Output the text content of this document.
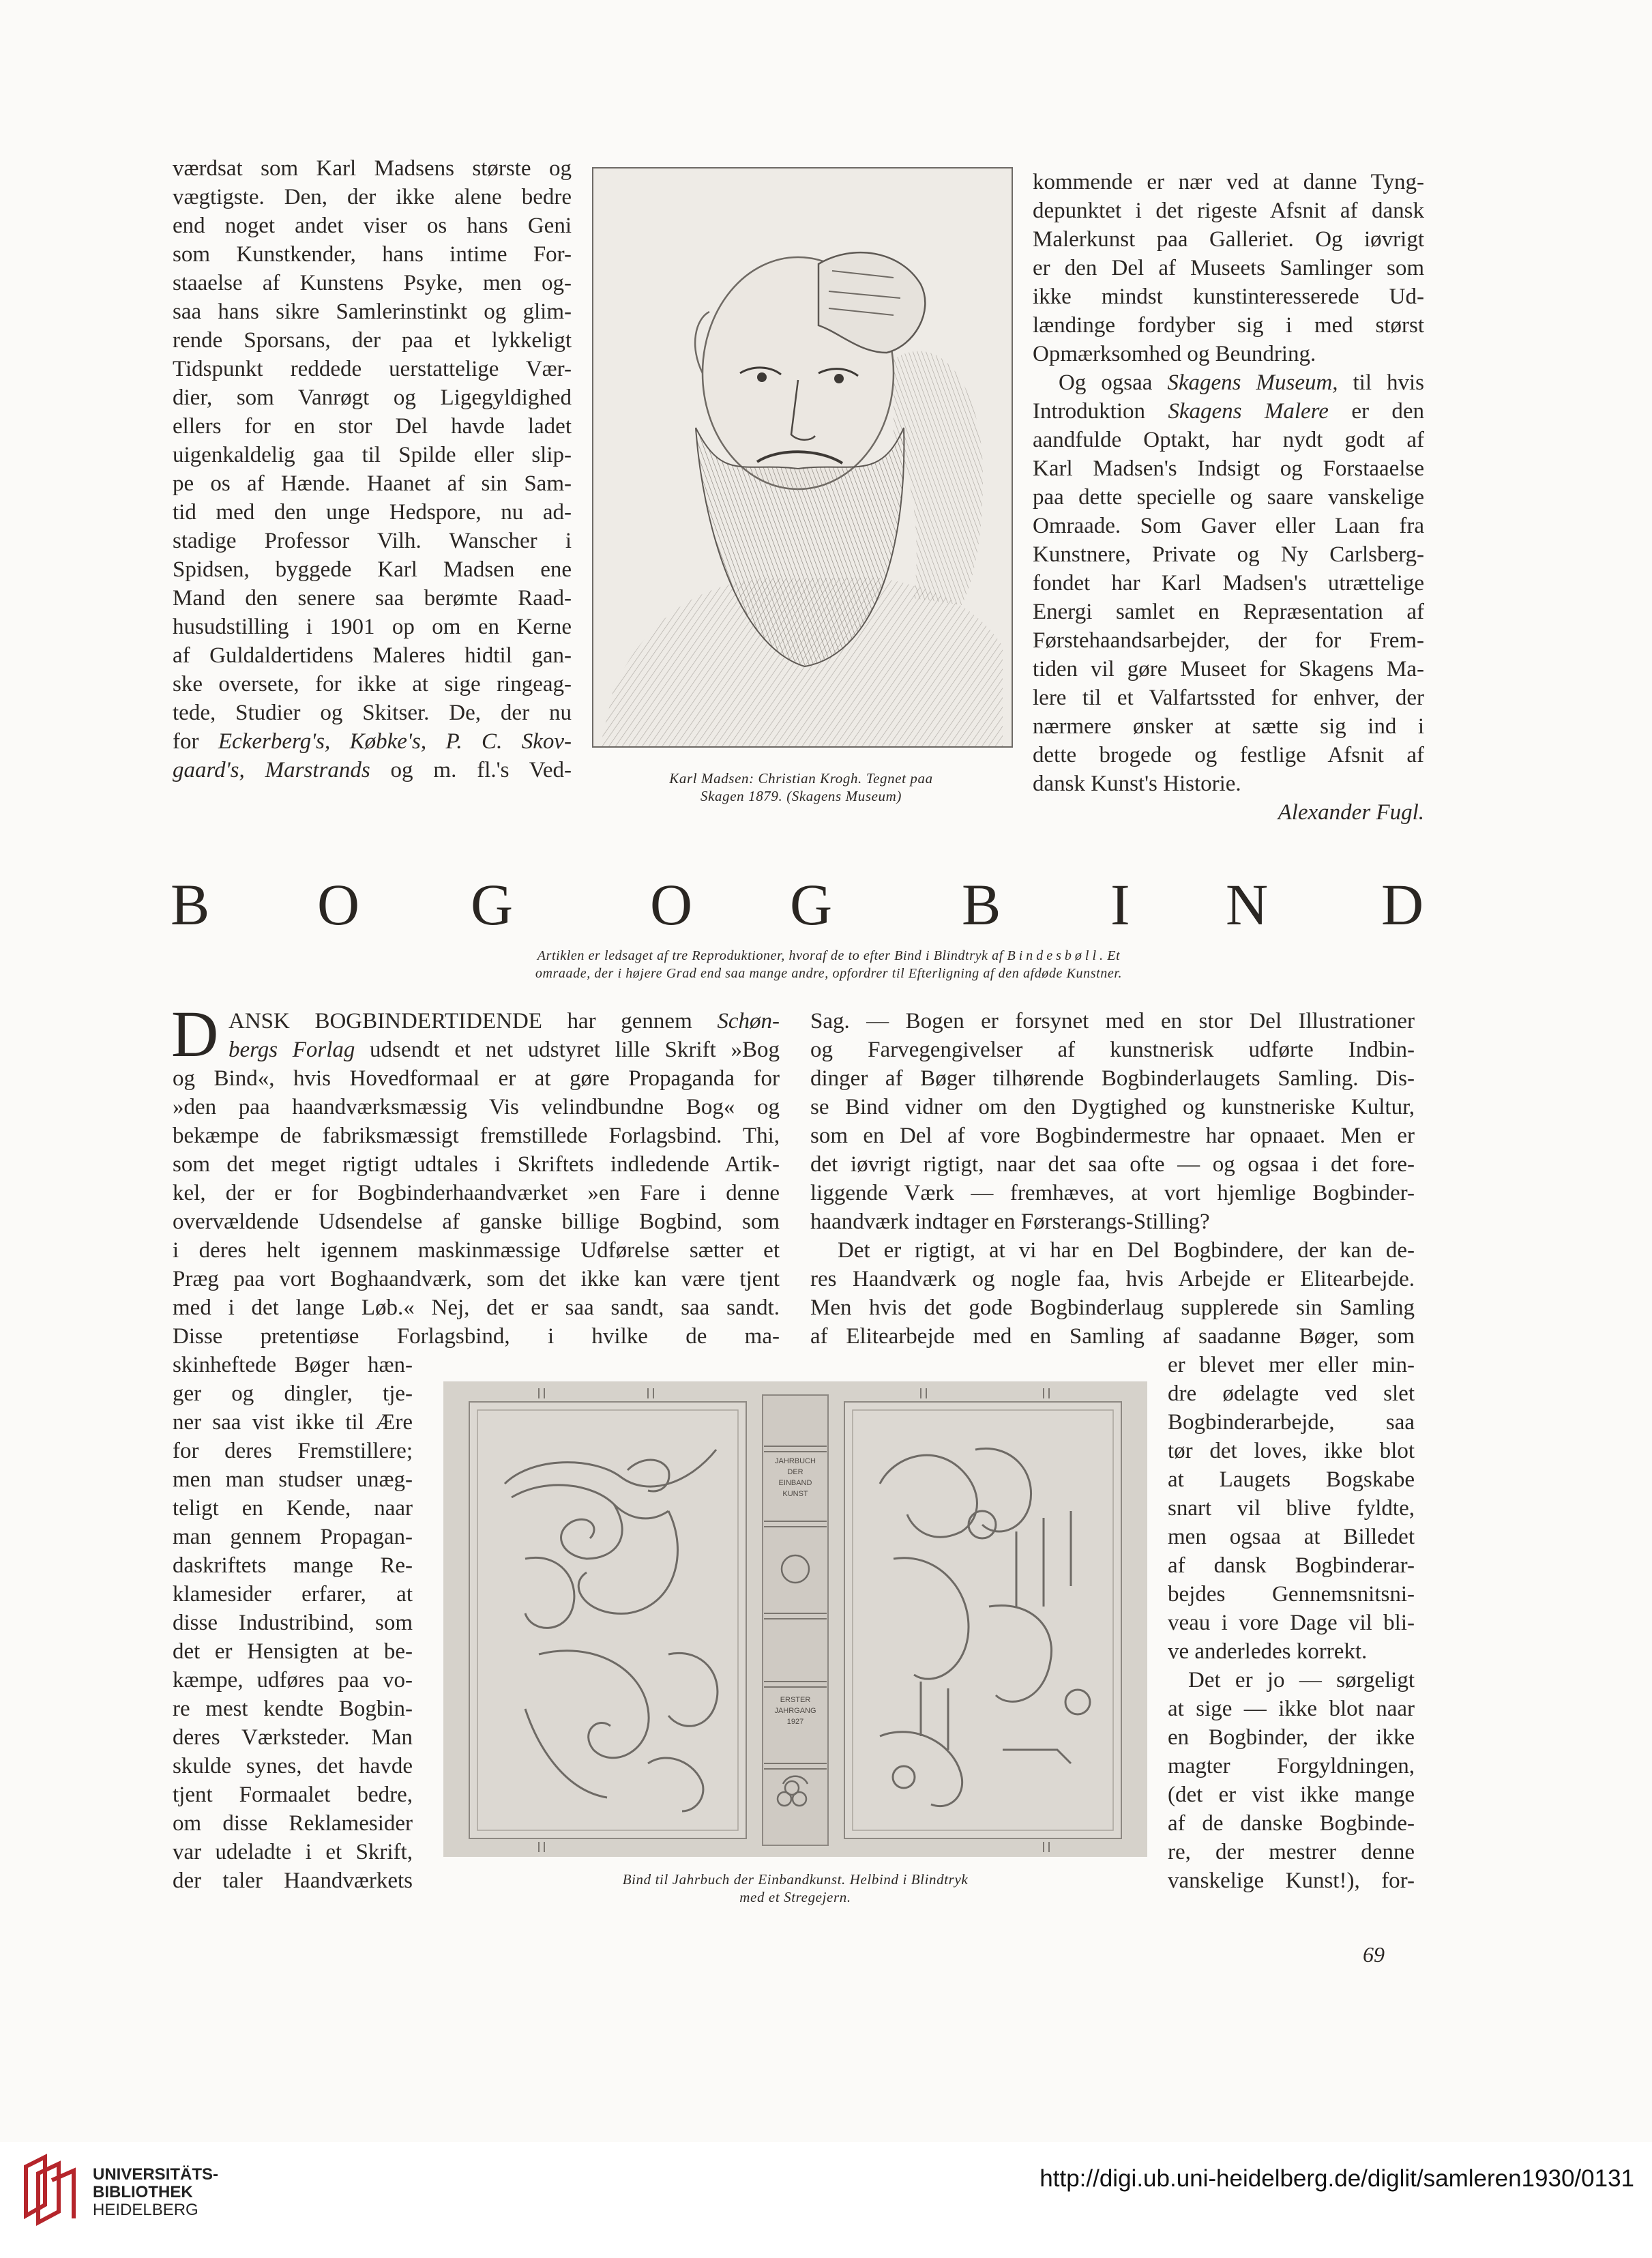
værdsat som Karl Madsens største og
vægtigste. Den, der ikke alene bedre
end noget andet viser os hans Geni
som Kunstkender, hans intime For-
staaelse af Kunstens Psyke, men og-
saa hans sikre Samlerinstinkt og glim-
rende Sporsans, der paa et lykkeligt
Tidspunkt reddede uerstattelige Vær-
dier, som Vanrøgt og Ligegyldighed
ellers for en stor Del havde ladet
uigenkaldelig gaa til Spilde eller slip-
pe os af Hænde. Haanet af sin Sam-
tid med den unge Hedspore, nu ad-
stadige Professor Vilh. Wanscher i
Spidsen, byggede Karl Madsen ene
Mand den senere saa berømte Raad-
husudstilling i 1901 op om en Kerne
af Guldaldertidens Maleres hidtil gan-
ske oversete, for ikke at sige ringeag-
tede, Studier og Skitser. De, der nu
for Eckerberg's, Købke's, P. C. Skov-
gaard's, Marstrands og m. fl.'s Ved-	Karl Madsen: Christian Krogh. Tegnet paa
Skagen 1879. (Skagens Museum)
kommende er nær ved at danne Tyng-
depunktet i det rigeste Afsnit af dansk
Malerkunst paa Galleriet. Og iøvrigt
er den Del af Museets Samlinger som
ikke mindst kunstinteresserede Ud-
lændinge fordyber sig i med størst
Opmærksomhed og Beundring.
Og ogsaa Skagens Museum, til hvis
Introduktion Skagens Malere er den
aandfulde Optakt, har nydt godt af
Karl Madsen's Indsigt og Forstaaelse
paa dette specielle og saare vanskelige
Omraade. Som Gaver eller Laan fra
Kunstnere, Private og Ny Carlsberg-
fondet har Karl Madsen's utrættelige
Energi samlet en Repræsentation af
Førstehaandsarbejder, der for Frem-
tiden vil gøre Museet for Skagens Ma-
lere til et Valfartssted for enhver, der
nærmere ønsker at sætte sig ind i
dette brogede og festlige Afsnit af
dansk Kunst's Historie.
Alexander Fugl.
B O G O G B I N D
Artiklen er ledsaget af tre Reproduktioner, hvoraf de to efter Bind i Blindtryk af Bindesbøll. Et
omraade, der i højere Grad end saa mange andre, opfordrer til Efterligning af den afdøde Kunstner.
D ANSK BOGBINDERTIDENDE har gennem Schøn-
bergs Forlag udsendt et net udstyret lille Skrift »Bog
og Bind«, hvis Hovedformaal er at gøre Propaganda for
»den paa haandværksmæssig Vis velindbundne Bog« og
bekæmpe de fabriksmæssigt fremstillede Forlagsbind. Thi,
som det meget rigtigt udtales i Skriftets indledende Artik-
kel, der er for Bogbinderhaandværket »en Fare i denne
overvældende Udsendelse af ganske billige Bogbind, som
i deres helt igennem maskinmæssige Udførelse sætter et
Præg paa vort Boghaandværk, som det ikke kan være tjent
med i det lange Løb.« Nej, det er saa sandt, saa sandt.
Disse pretentiøse Forlagsbind, i hvilke de ma-
skinheftede Bøger hæn-
ger og dingler, tje-
ner saa vist ikke til Ære
for deres Fremstillere;
men man studser unæg-
teligt en Kende, naar
man gennem Propagan-
daskriftets mange Re-
klamesider erfarer, at
disse Industribind, som
det er Hensigten at be-
kæmpe, udføres paa vo-
re mest kendte Bogbin-
deres Værksteder. Man
skulde synes, det havde
tjent Formaalet bedre,
om disse Reklamesider
var udeladte i et Skrift,
der taler Haandværkets
Sag. — Bogen er forsynet med en stor Del Illustrationer
og Farvegengivelser af kunstnerisk udførte Indbin-
dinger af Bøger tilhørende Bogbinderlaugets Samling. Dis-
se Bind vidner om den Dygtighed og kunstneriske Kultur,
som en Del af vore Bogbindermestre har opnaaet. Men er
det iøvrigt rigtigt, naar det saa ofte — og ogsaa i det fore-
liggende Værk — fremhæves, at vort hjemlige Bogbinder-
haandværk indtager en Førsterangs-Stilling?
Det er rigtigt, at vi har en Del Bogbindere, der kan de-
res Haandværk og nogle faa, hvis Arbejde er Elitearbejde.
Men hvis det gode Bogbinderlaug supplerede sin Samling
af Elitearbejde med en Samling af saadanne Bøger, som
er blevet mer eller min-
dre ødelagte ved slet
Bogbinderarbejde, saa
tør det loves, ikke blot
at Laugets Bogskabe
snart vil blive fyldte,
men ogsaa at Billedet
af dansk Bogbinderar-
bejdes Gennemsnitsni-
veau i vore Dage vil bli-
ve anderledes korrekt.
Det er jo — sørgeligt
at sige — ikke blot naar
en Bogbinder, der ikke
magter Forgyldningen,
(det er vist ikke mange
af de danske Bogbinde-
re, der mestrer denne
vanskelige Kunst!), for-
JAHRBUCH DER EINBAND KUNST
ERSTER JAHRGANG 1927
Bind til Jahrbuch der Einbandkunst. Helbind i Blindtryk
med et Stregejern.
69
UNIVERSITÄTS-
BIBLIOTHEK
HEIDELBERG
http://digi.ub.uni-heidelberg.de/diglit/samleren1930/0131
